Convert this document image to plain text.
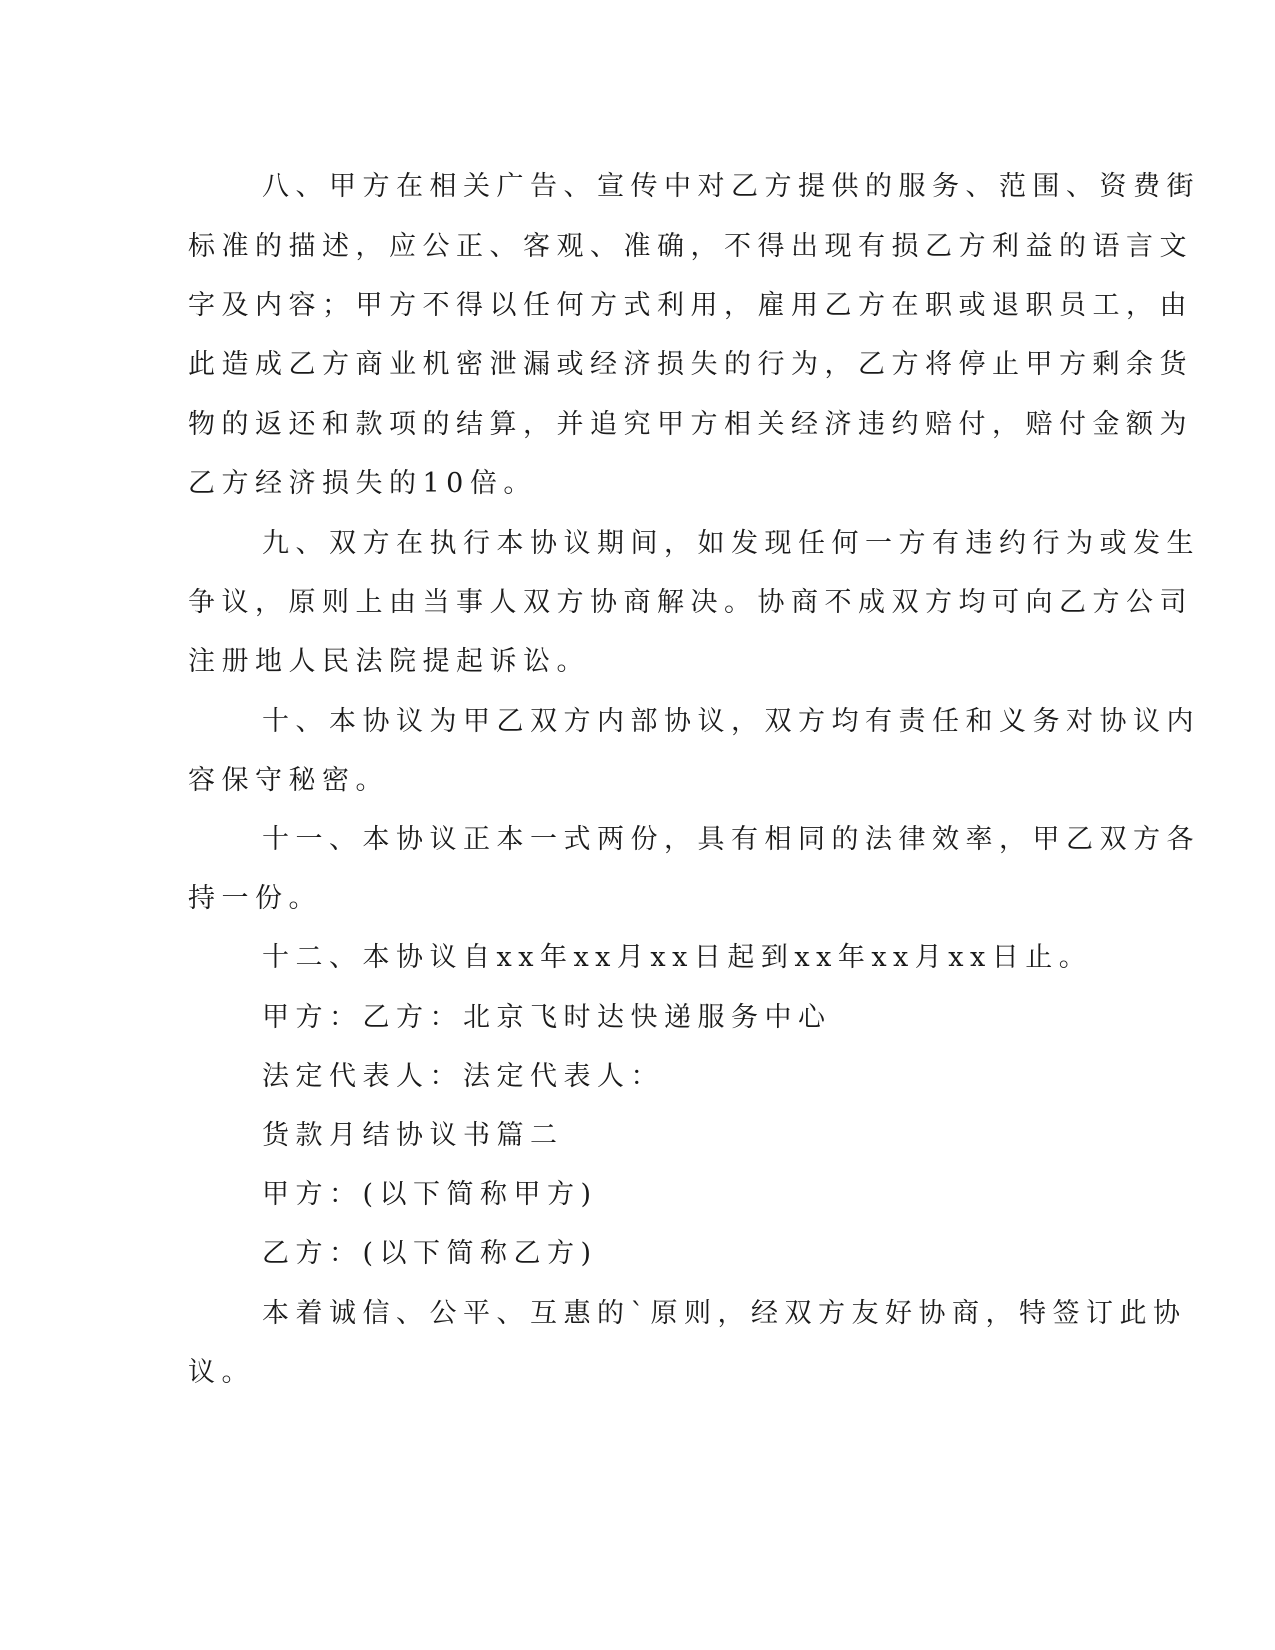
八、甲方在相关广告、宣传中对乙方提供的服务、范围、资费街
标准的描述，应公正、客观、准确，不得出现有损乙方利益的语言文
字及内容；甲方不得以任何方式利用，雇用乙方在职或退职员工，由
此造成乙方商业机密泄漏或经济损失的行为，乙方将停止甲方剩余货
物的返还和款项的结算，并追究甲方相关经济违约赔付，赔付金额为
乙方经济损失的10倍。
九、双方在执行本协议期间，如发现任何一方有违约行为或发生
争议，原则上由当事人双方协商解决。协商不成双方均可向乙方公司
注册地人民法院提起诉讼。
十、本协议为甲乙双方内部协议，双方均有责任和义务对协议内
容保守秘密。
十一、本协议正本一式两份，具有相同的法律效率，甲乙双方各
持一份。
十二、本协议自xx年xx月xx日起到xx年xx月xx日止。
甲方：乙方：北京飞时达快递服务中心
法定代表人：法定代表人：
货款月结协议书篇二
甲方：(以下简称甲方)
乙方：(以下简称乙方)
本着诚信、公平、互惠的`原则，经双方友好协商，特签订此协
议。
